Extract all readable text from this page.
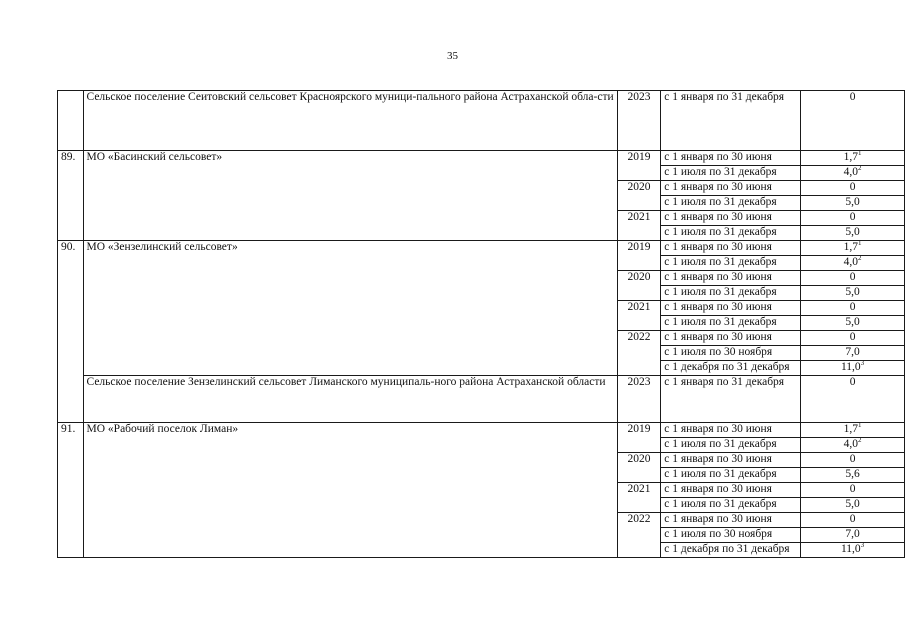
35
	Сельское поселение Сеитовский сельсовет Красноярского муници-пального района Астраханской обла-сти	2023	с 1 января по 31 декабря	0
89.	МО «Басинский сельсовет»	2019	с 1 января по 30 июня	$1,7^1$
			с 1 июля по 31 декабря	$4,0^2$
		2020	с 1 января по 30 июня	0
			с 1 июля по 31 декабря	5,0
		2021	с 1 января по 30 июня	0
			с 1 июля по 31 декабря	5,0
90.	МО «Зензелинский сельсовет»	2019	с 1 января по 30 июня	$1,7^1$
			с 1 июля по 31 декабря	$4,0^2$
		2020	с 1 января по 30 июня	0
			с 1 июля по 31 декабря	5,0
		2021	с 1 января по 30 июня	0
			с 1 июля по 31 декабря	5,0
		2022	с 1 января по 30 июня	0
			с 1 июля по 30 ноября	7,0
			с 1 декабря по 31 декабря	11,0$^3$
	Сельское поселение Зензелинский сельсовет Лиманского муниципаль-ного района Астраханской области	2023	с 1 января по 31 декабря	0
91.	МО «Рабочий поселок Лиман»	2019	с 1 января по 30 июня	$1,7^1$
			с 1 июля по 31 декабря	$4,0^2$
		2020	с 1 января по 30 июня	0
			с 1 июля по 31 декабря	5,6
		2021	с 1 января по 30 июня	0
			с 1 июля по 31 декабря	5,0
		2022	с 1 января по 30 июня	0
			с 1 июля по 30 ноября	7,0
			с 1 декабря по 31 декабря	11,0$^3$
